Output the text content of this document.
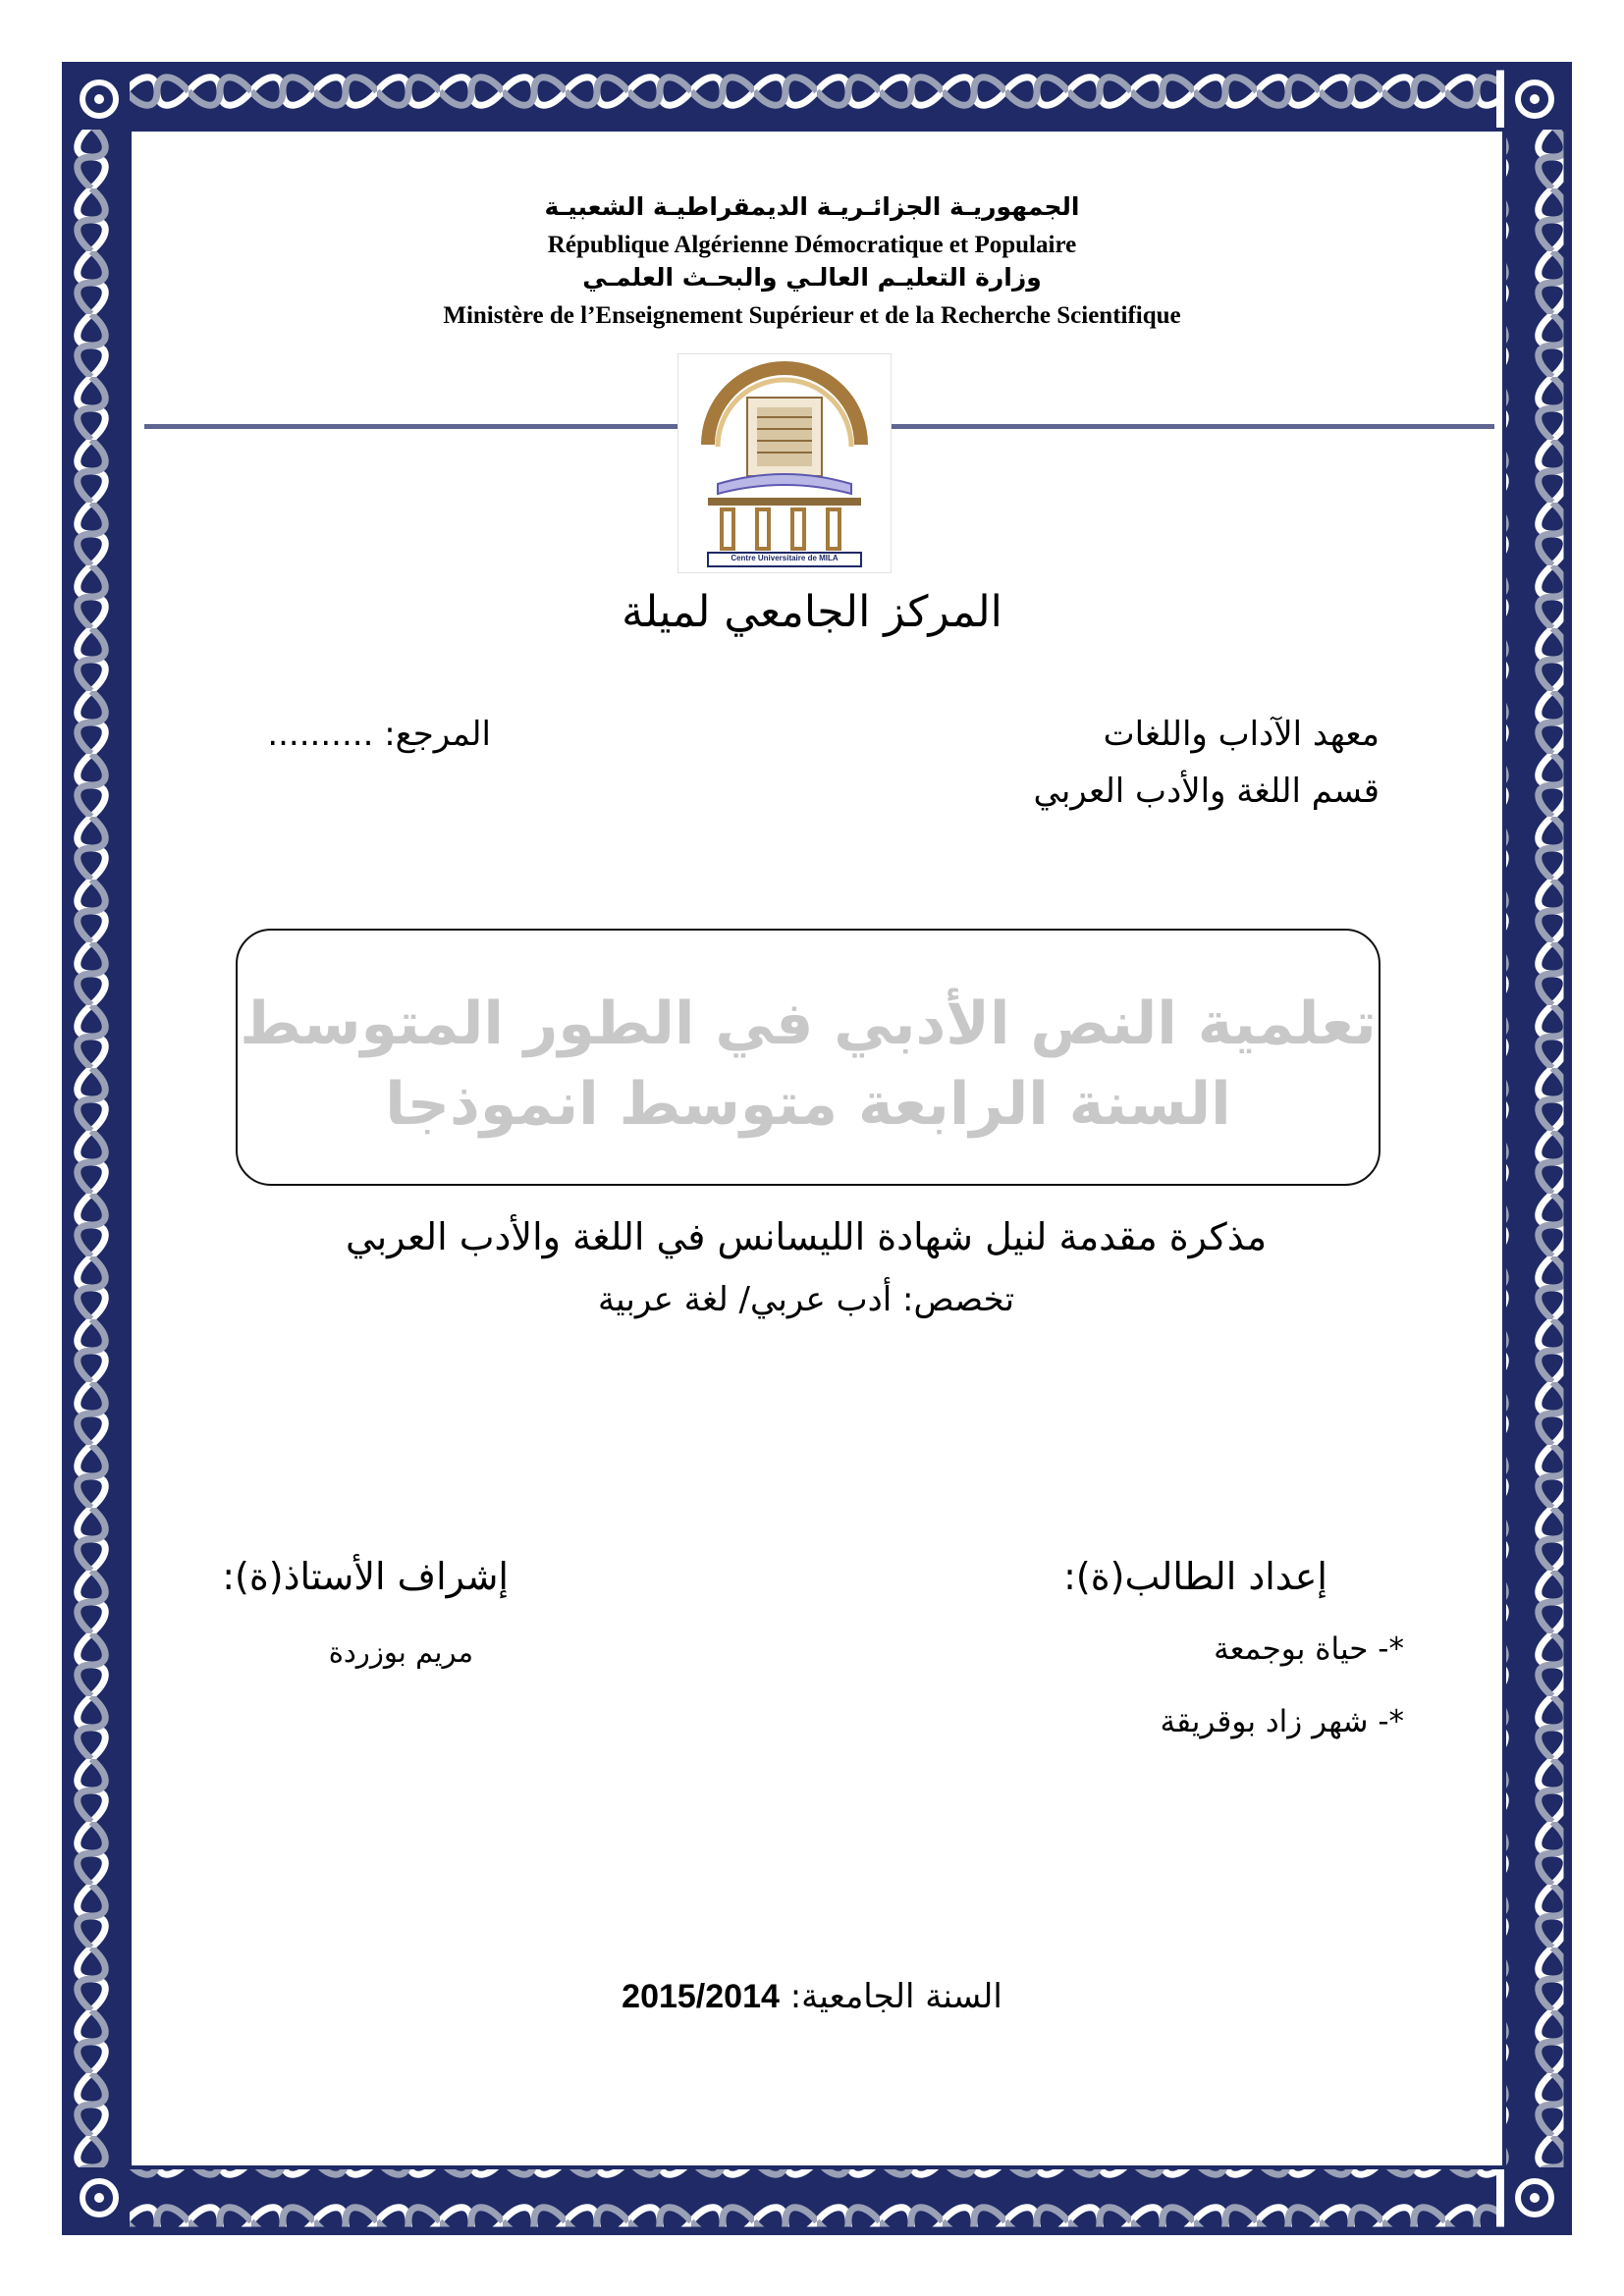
الجمهوريـة الجزائـريـة الديمقراطيـة الشعبيـة
République Algérienne Démocratique et Populaire
وزارة التعليـم العالـي والبحـث العلمـي
Ministère de l’Enseignement Supérieur et de la Recherche Scientifique
Centre Universitaire de MILA
المركز الجامعي لميلة
المرجع: ..........	معهد الآداب واللغات
قسم اللغة والأدب العربي
تعلمية النص الأدبي في الطور المتوسط
السنة الرابعة متوسط انموذجا
مذكرة مقدمة لنيل شهادة الليسانس في اللغة والأدب العربي
تخصص: أدب عربي/ لغة عربية
إشراف الأستاذ(ة):
مريم بوزردة
إعداد الطالب(ة):
*- حياة بوجمعة
*- شهر زاد بوقريقة
السنة الجامعية: 2015/2014
